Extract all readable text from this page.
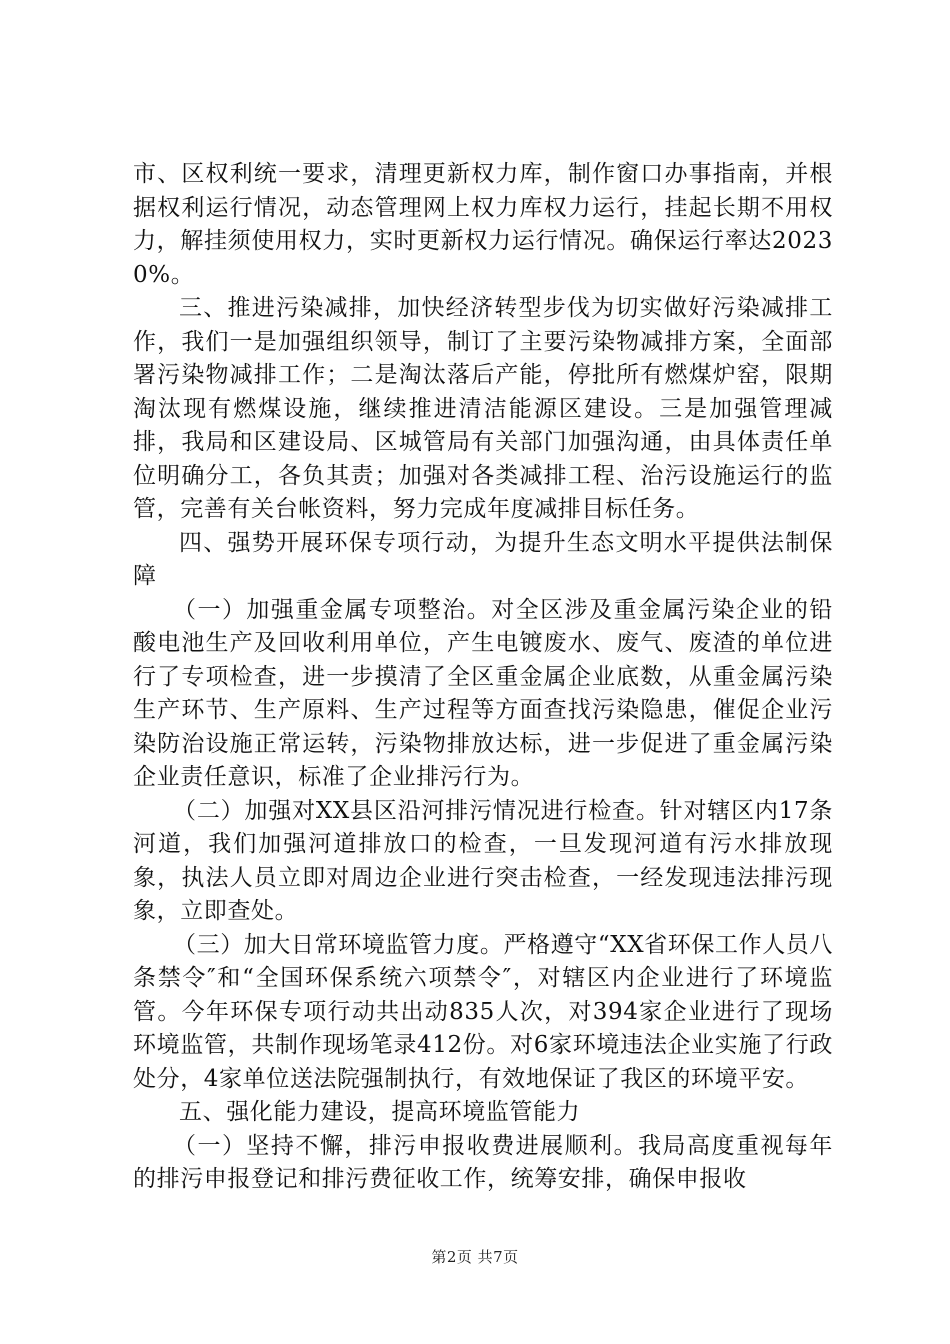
市、区权利统一要求，清理更新权力库，制作窗口办事指南，并根据权利运行情况，动态管理网上权力库权力运行，挂起长期不用权力，解挂须使用权力，实时更新权力运行情况。确保运行率达20230%。

三、推进污染减排，加快经济转型步伐为切实做好污染减排工作，我们一是加强组织领导，制订了主要污染物减排方案，全面部署污染物减排工作；二是淘汰落后产能，停批所有燃煤炉窑，限期淘汰现有燃煤设施，继续推进清洁能源区建设。三是加强管理减排，我局和区建设局、区城管局有关部门加强沟通，由具体责任单位明确分工，各负其责；加强对各类减排工程、治污设施运行的监管，完善有关台帐资料，努力完成年度减排目标任务。

四、强势开展环保专项行动，为提升生态文明水平提供法制保障

（一）加强重金属专项整治。对全区涉及重金属污染企业的铅酸电池生产及回收利用单位，产生电镀废水、废气、废渣的单位进行了专项检查，进一步摸清了全区重金属企业底数，从重金属污染生产环节、生产原料、生产过程等方面查找污染隐患，催促企业污染防治设施正常运转，污染物排放达标，进一步促进了重金属污染企业责任意识，标准了企业排污行为。

（二）加强对XX县区沿河排污情况进行检查。针对辖区内17条河道，我们加强河道排放口的检查，一旦发现河道有污水排放现象，执法人员立即对周边企业进行突击检查，一经发现违法排污现象，立即查处。

（三）加大日常环境监管力度。严格遵守“XX省环保工作人员八条禁令″和“全国环保系统六项禁令″，对辖区内企业进行了环境监管。今年环保专项行动共出动835人次，对394家企业进行了现场环境监管，共制作现场笔录412份。对6家环境违法企业实施了行政处分，4家单位送法院强制执行，有效地保证了我区的环境平安。

五、强化能力建设，提高环境监管能力

（一）坚持不懈，排污申报收费进展顺利。我局高度重视每年的排污申报登记和排污费征收工作，统筹安排，确保申报收

第2页 共7页
